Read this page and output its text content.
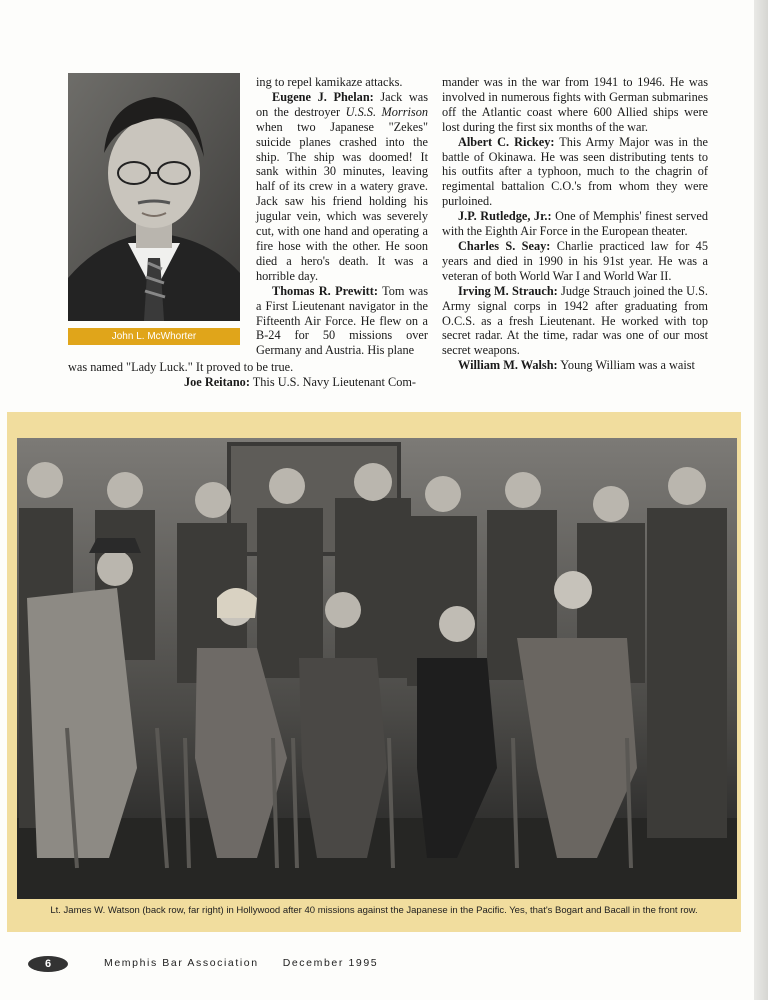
John L. McWhorter

ing to repel kamikaze attacks.

Eugene J. Phelan: Jack was on the destroyer U.S.S. Morrison when two Japanese "Zekes" suicide planes crashed into the ship. The ship was doomed! It sank within 30 minutes, leaving half of its crew in a watery grave. Jack saw his friend holding his jugular vein, which was severely cut, with one hand and operating a fire hose with the other. He soon died a hero's death. It was a horrible day.

Thomas R. Prewitt: Tom was a First Lieutenant navigator in the Fifteenth Air Force. He flew on a B-24 for 50 missions over Germany and Austria. His plane

was named "Lady Luck." It proved to be true.

Joe Reitano: This U.S. Navy Lieutenant Com-

mander was in the war from 1941 to 1946. He was involved in numerous fights with German submarines off the Atlantic coast where 600 Allied ships were lost during the first six months of the war.

Albert C. Rickey: This Army Major was in the battle of Okinawa. He was seen distributing tents to his outfits after a typhoon, much to the chagrin of regimental battalion C.O.'s from whom they were purloined.

J.P. Rutledge, Jr.: One of Memphis' finest served with the Eighth Air Force in the European theater.

Charles S. Seay: Charlie practiced law for 45 years and died in 1990 in his 91st year. He was a veteran of both World War I and World War II.

Irving M. Strauch: Judge Strauch joined the U.S. Army signal corps in 1942 after graduating from O.C.S. as a fresh Lieutenant. He worked with top secret radar. At the time, radar was one of our most secret weapons.

William M. Walsh: Young William was a waist

Lt. James W. Watson (back row, far right) in Hollywood after 40 missions against the Japanese in the Pacific. Yes, that's Bogart and Bacall in the front row.
6	Memphis Bar Association December 1995
